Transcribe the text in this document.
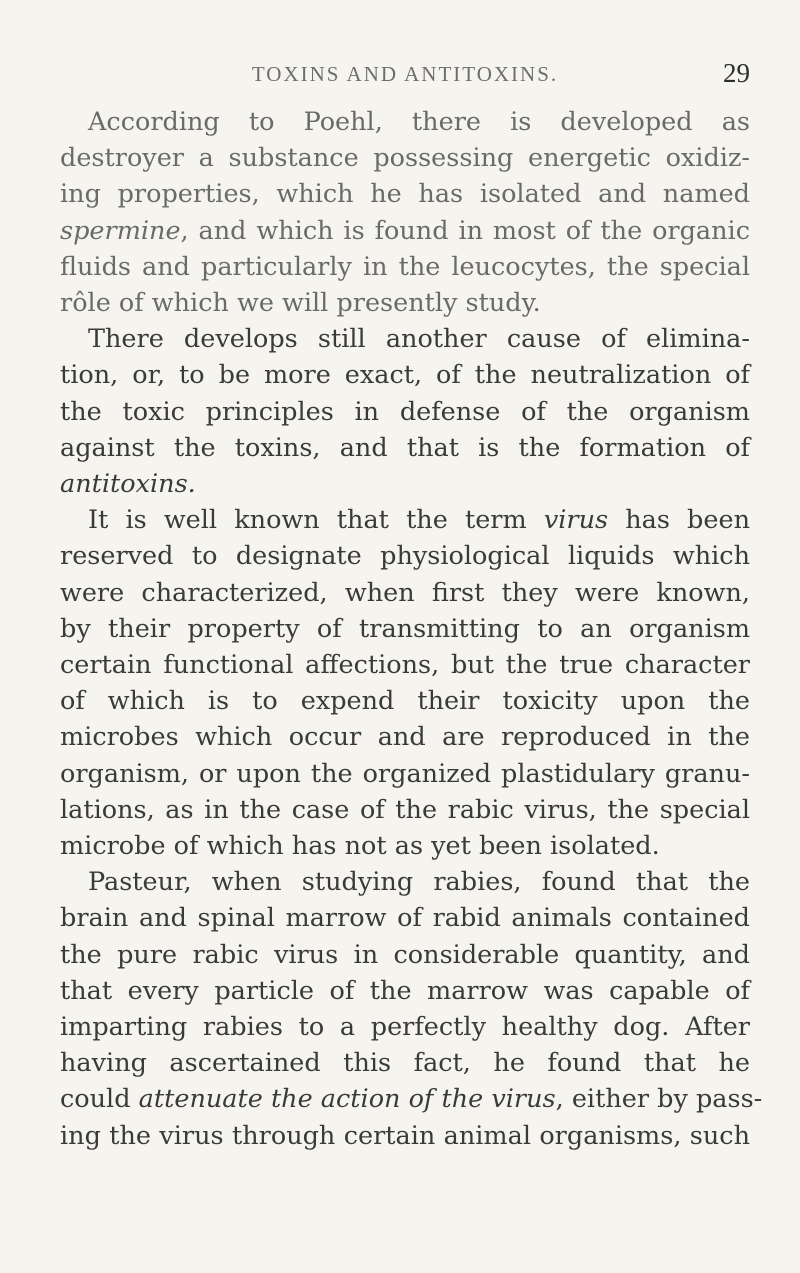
TOXINS AND ANTITOXINS.	29
According to Poehl, there is developed as
destroyer a substance possessing energetic oxidiz-
ing properties, which he has isolated and named
spermine, and which is found in most of the organic
fluids and particularly in the leucocytes, the special
rôle of which we will presently study.
There develops still another cause of elimina-
tion, or, to be more exact, of the neutralization of
the toxic principles in defense of the organism
against the toxins, and that is the formation of
antitoxins.
It is well known that the term virus has been
reserved to designate physiological liquids which
were characterized, when first they were known,
by their property of transmitting to an organism
certain functional affections, but the true character
of which is to expend their toxicity upon the
microbes which occur and are reproduced in the
organism, or upon the organized plastidulary granu-
lations, as in the case of the rabic virus, the special
microbe of which has not as yet been isolated.
Pasteur, when studying rabies, found that the
brain and spinal marrow of rabid animals contained
the pure rabic virus in considerable quantity, and
that every particle of the marrow was capable of
imparting rabies to a perfectly healthy dog. After
having ascertained this fact, he found that he
could attenuate the action of the virus, either by pass-
ing the virus through certain animal organisms, such
